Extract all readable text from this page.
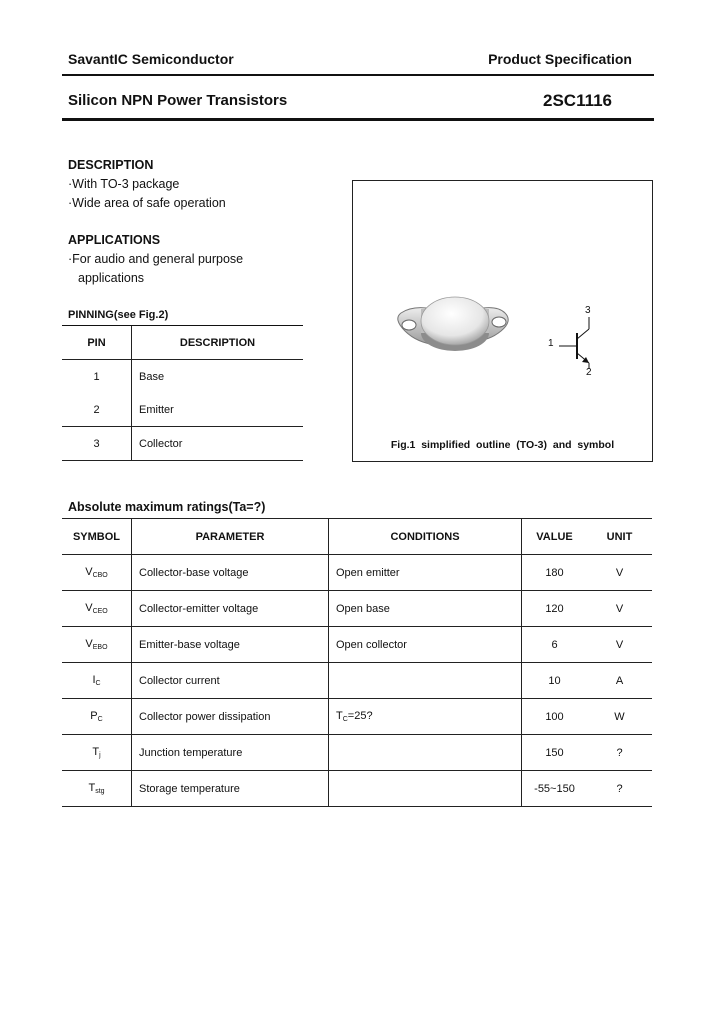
SavantIC Semiconductor	Product Specification
Silicon NPN Power Transistors	2SC1116
DESCRIPTION
·With TO-3 package
·Wide area of safe operation
APPLICATIONS
·For audio and general purpose
applications
PINNING(see Fig.2)
PIN	DESCRIPTION
1	Base
2	Emitter
3	Collector
1
2
3
Fig.1  simplified  outline  (TO-3)  and  symbol
Absolute maximum ratings(Ta=?)
SYMBOL	PARAMETER	CONDITIONS	VALUE	UNIT
$V_{CBO}$	Collector-base voltage	Open emitter	180	V
$V_{CEO}$	Collector-emitter voltage	Open base	120	V
$V_{EBO}$	Emitter-base voltage	Open collector	6	V
$I_C$	Collector current		10	A
$P_C$	Collector power dissipation	$T_C=25$?	100	W
$T_j$	Junction temperature		150	?
$T_{stg}$	Storage temperature		-55~150	?
